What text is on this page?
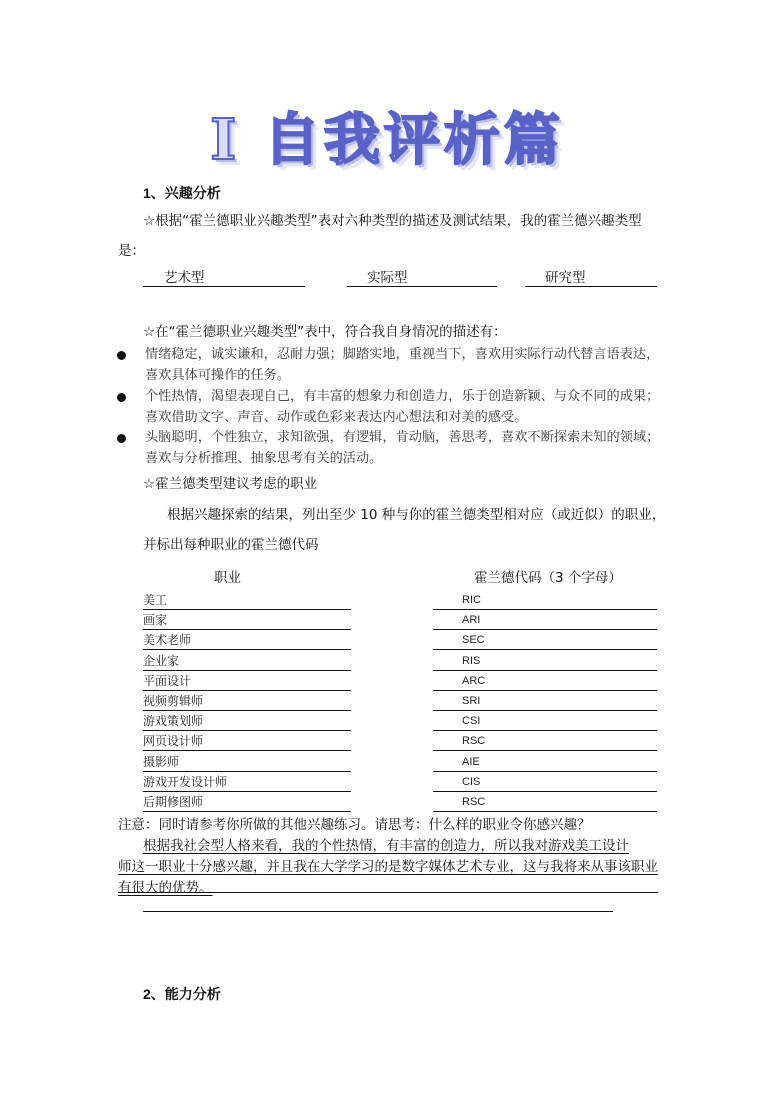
Ⅰ 自我评析篇
1、兴趣分析
☆根据“霍兰德职业兴趣类型”表对六种类型的描述及测试结果，我的霍兰德兴趣类型
是：
艺术型	实际型	研究型
☆在“霍兰德职业兴趣类型”表中，符合我自身情况的描述有：
情绪稳定，诚实谦和，忍耐力强；脚踏实地，重视当下，喜欢用实际行动代替言语表达，
喜欢具体可操作的任务。
个性热情，渴望表现自己，有丰富的想象力和创造力，乐于创造新颖、与众不同的成果；
喜欢借助文字、声音、动作或色彩来表达内心想法和对美的感受。
头脑聪明，个性独立，求知欲强，有逻辑，肯动脑，善思考，喜欢不断探索未知的领域；
喜欢与分析推理、抽象思考有关的活动。
☆霍兰德类型建议考虑的职业
根据兴趣探索的结果，列出至少 10 种与你的霍兰德类型相对应（或近似）的职业，
并标出每种职业的霍兰德代码
职业	霍兰德代码（3 个字母）
美工	RIC
画家	ARI
美术老师	SEC
企业家	RIS
平面设计	ARC
视频剪辑师	SRI
游戏策划师	CSI
网页设计师	RSC
摄影师	AIE
游戏开发设计师	CIS
后期修图师	RSC
注意：同时请参考你所做的其他兴趣练习。请思考：什么样的职业令你感兴趣？
根据我社会型人格来看，我的个性热情，有丰富的创造力，所以我对游戏美工设计
师这一职业十分感兴趣，并且我在大学学习的是数字媒体艺术专业，这与我将来从事该职业
有很大的优势。
2、能力分析
